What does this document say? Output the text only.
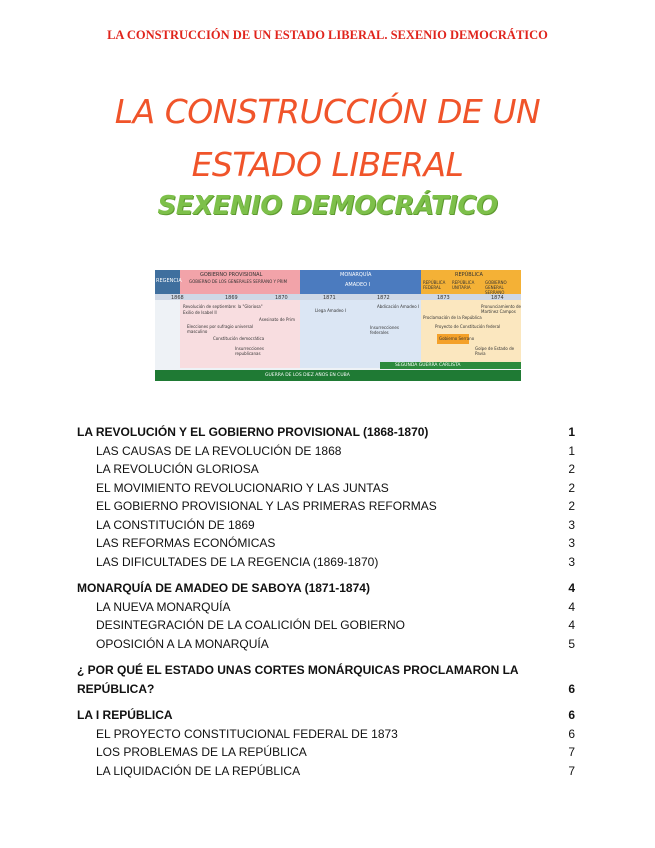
LA CONSTRUCCIÓN DE UN ESTADO LIBERAL. SEXENIO DEMOCRÁTICO
LA CONSTRUCCIÓN DE UN
ESTADO LIBERAL
SEXENIO DEMOCRÁTICO
REGENCIA
GOBIERNO PROVISIONAL
GOBIERNO DE LOS GENERALES SERRANO Y PRIM
MONARQUÍA
AMADEO I
REPÚBLICA
REPÚBLICA FEDERAL
REPÚBLICA UNITARIA
GOBIERNO GENERAL SERRANO
1868	1869	1870	1871	1872	1873	1874
Revolución de septiembre: la "Gloriosa"
Exilio de Isabel II
Asesinato de Prim
Elecciones por sufragio universal masculino
Constitución democrática
Insurrecciones republicanas
Llega Amadeo I
Abdicación Amadeo I
Insurrecciones federales
Proclamación de la República
Proyecto de Constitución federal
Golpe de Estado de Pavía
Pronunciamiento de Martínez Campos
Gobierno Serrano
SEGUNDA GUERRA CARLISTA
GUERRA DE LOS DIEZ AÑOS EN CUBA
LA REVOLUCIÓN Y EL GOBIERNO PROVISIONAL (1868-1870)	1
LAS CAUSAS DE LA REVOLUCIÓN DE 1868	1
LA REVOLUCIÓN GLORIOSA	2
EL MOVIMIENTO REVOLUCIONARIO Y LAS JUNTAS	2
EL GOBIERNO PROVISIONAL Y LAS PRIMERAS REFORMAS	2
LA CONSTITUCIÓN DE 1869	3
LAS REFORMAS ECONÓMICAS	3
LAS DIFICULTADES DE LA REGENCIA (1869-1870)	3
MONARQUÍA DE AMADEO DE SABOYA (1871-1874)	4
LA NUEVA MONARQUÍA	4
DESINTEGRACIÓN DE LA COALICIÓN DEL GOBIERNO	4
OPOSICIÓN A LA MONARQUÍA	5
¿ POR QUÉ EL ESTADO UNAS CORTES MONÁRQUICAS PROCLAMARON LA REPÚBLICA?	6
LA I REPÚBLICA	6
EL PROYECTO CONSTITUCIONAL FEDERAL DE 1873	6
LOS PROBLEMAS DE LA REPÚBLICA	7
LA LIQUIDACIÓN DE LA REPÚBLICA	7
